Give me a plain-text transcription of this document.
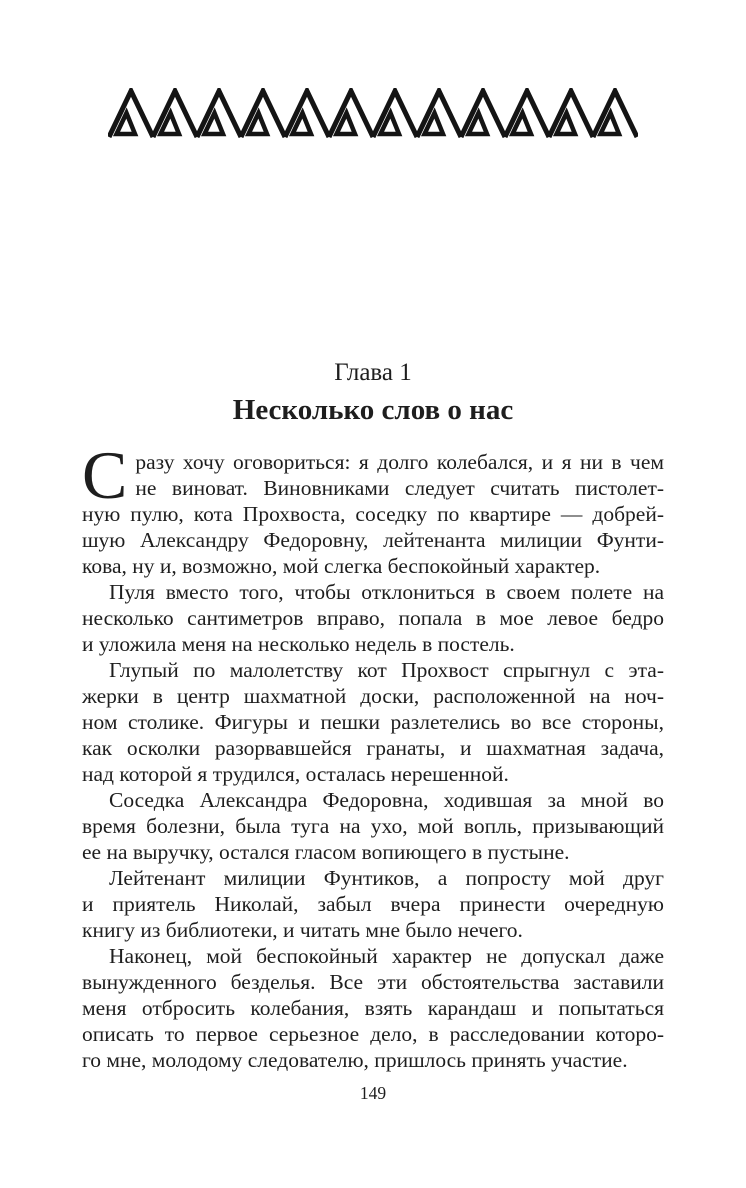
Глава 1
Несколько слов о нас
С разу хочу оговориться: я долго колебался, и я ни в чем
не виноват. Виновниками следует считать пистолет-
ную пулю, кота Прохвоста, соседку по квартире — добрей-
шую Александру Федоровну, лейтенанта милиции Фунти-
кова, ну и, возможно, мой слегка беспокойный характер.
Пуля вместо того, чтобы отклониться в своем полете на
несколько сантиметров вправо, попала в мое левое бедро
и уложила меня на несколько недель в постель.
Глупый по малолетству кот Прохвост спрыгнул с эта-
жерки в центр шахматной доски, расположенной на ноч-
ном столике. Фигуры и пешки разлетелись во все стороны,
как осколки разорвавшейся гранаты, и шахматная задача,
над которой я трудился, осталась нерешенной.
Соседка Александра Федоровна, ходившая за мной во
время болезни, была туга на ухо, мой вопль, призывающий
ее на выручку, остался гласом вопиющего в пустыне.
Лейтенант милиции Фунтиков, а попросту мой друг
и приятель Николай, забыл вчера принести очередную
книгу из библиотеки, и читать мне было нечего.
Наконец, мой беспокойный характер не допускал даже
вынужденного безделья. Все эти обстоятельства заставили
меня отбросить колебания, взять карандаш и попытаться
описать то первое серьезное дело, в расследовании которо-
го мне, молодому следователю, пришлось принять участие.
149
